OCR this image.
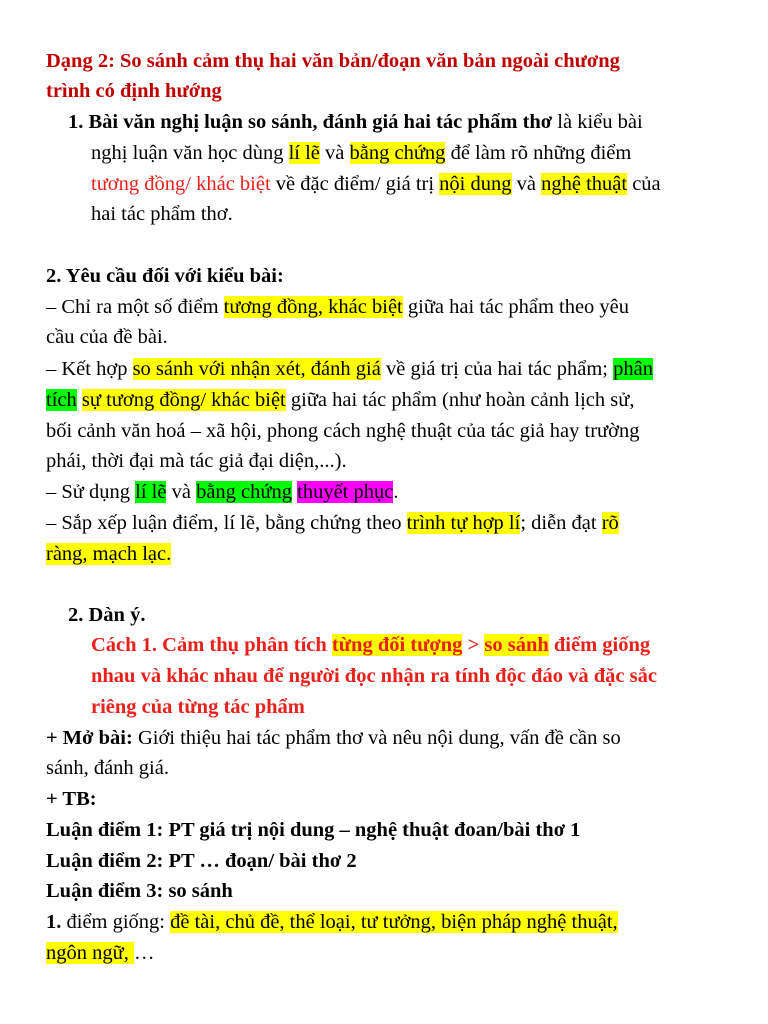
Dạng 2: So sánh cảm thụ hai văn bản/đoạn văn bản ngoài chương
trình có định hướng
1. Bài văn nghị luận so sánh, đánh giá hai tác phẩm thơ là kiểu bài
nghị luận văn học dùng lí lẽ và bằng chứng để làm rõ những điểm
tương đồng/ khác biệt về đặc điểm/ giá trị nội dung và nghệ thuật của
hai tác phẩm thơ.
2. Yêu cầu đối với kiểu bài:
– Chỉ ra một số điểm tương đồng, khác biệt giữa hai tác phẩm theo yêu
cầu của đề bài.
– Kết hợp so sánh với nhận xét, đánh giá về giá trị của hai tác phẩm; phân
tích sự tương đồng/ khác biệt giữa hai tác phẩm (như hoàn cảnh lịch sử,
bối cảnh văn hoá – xã hội, phong cách nghệ thuật của tác giả hay trường
phái, thời đại mà tác giả đại diện,...).
– Sử dụng lí lẽ và bằng chứng thuyết phục.
– Sắp xếp luận điểm, lí lẽ, bằng chứng theo trình tự hợp lí; diễn đạt rõ
ràng, mạch lạc.
2. Dàn ý.
Cách 1. Cảm thụ phân tích từng đối tượng > so sánh điểm giống
nhau và khác nhau để người đọc nhận ra tính độc đáo và đặc sắc
riêng của từng tác phẩm
+ Mở bài: Giới thiệu hai tác phẩm thơ và nêu nội dung, vấn đề cần so
sánh, đánh giá.
+ TB:
Luận điểm 1: PT giá trị nội dung – nghệ thuật đoan/bài thơ 1
Luận điểm 2: PT … đoạn/ bài thơ 2
Luận điểm 3: so sánh
1. điểm giống: đề tài, chủ đề, thể loại, tư tưởng, biện pháp nghệ thuật,
ngôn ngữ, …
